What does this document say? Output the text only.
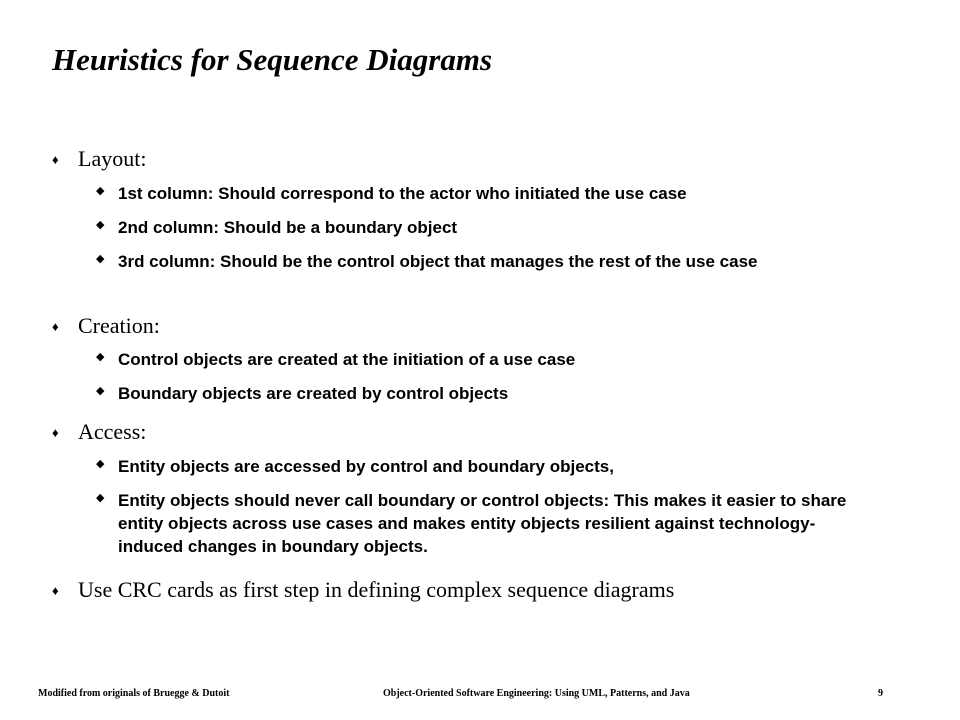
Heuristics for Sequence Diagrams
♦ Layout:
◆ 1st column: Should correspond to the actor who initiated the use case
◆ 2nd column: Should be a boundary object
◆ 3rd column: Should be the control object that manages the rest of the use case
♦ Creation:
◆ Control objects are created at the initiation of a use case
◆ Boundary objects are created by control objects
♦ Access:
◆ Entity objects are accessed by control and boundary objects,
◆ Entity objects should never call boundary or control objects: This makes it easier to share entity objects across use cases and makes entity objects resilient against technology-induced changes in boundary objects.
♦ Use CRC cards as first step in defining complex sequence diagrams
Modified from originals of Bruegge & Dutoit	Object-Oriented Software Engineering: Using UML, Patterns, and Java	9
